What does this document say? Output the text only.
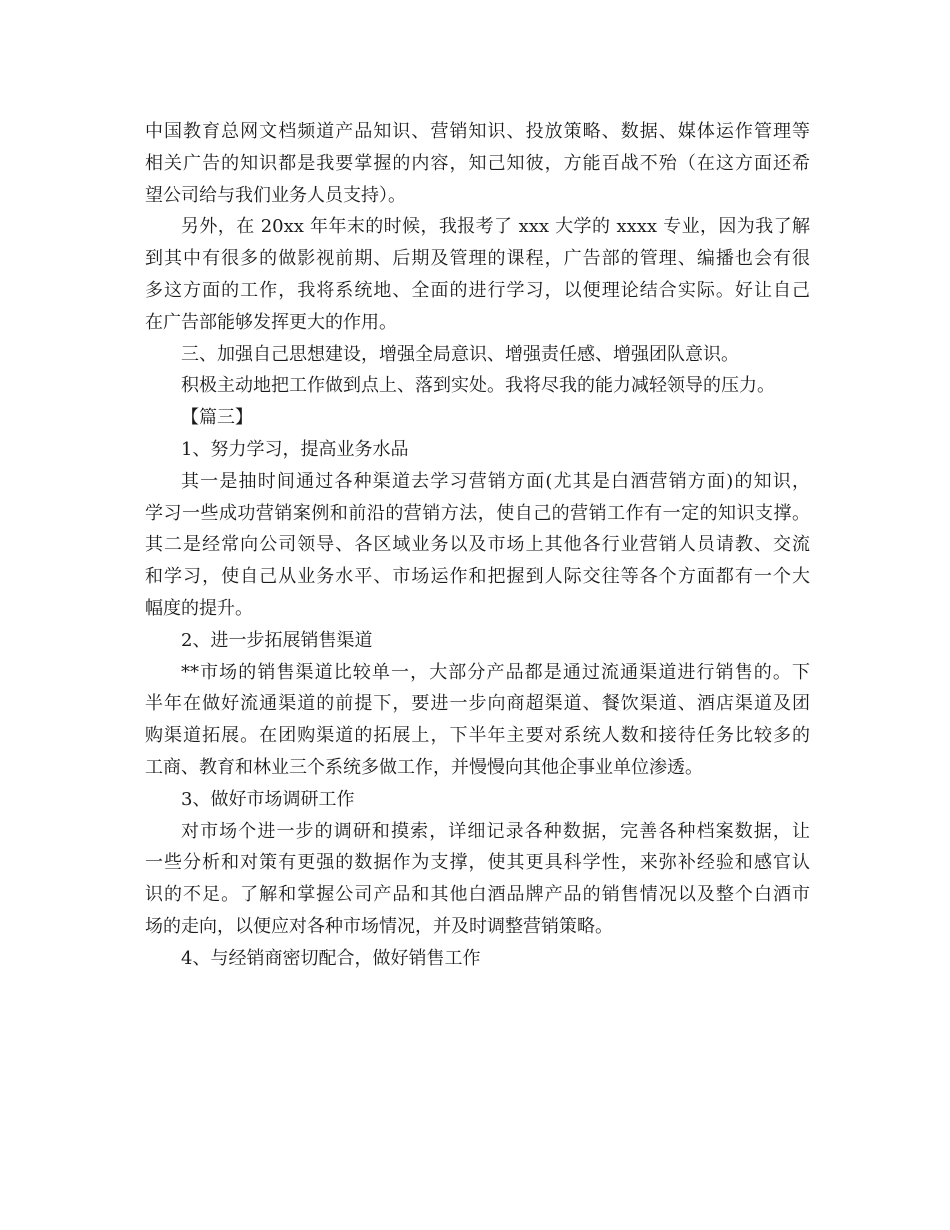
中国教育总网文档频道产品知识、营销知识、投放策略、数据、媒体运作管理等
相关广告的知识都是我要掌握的内容，知己知彼，方能百战不殆（在这方面还希
望公司给与我们业务人员支持）。
另外，在 20xx 年年末的时候，我报考了 xxx 大学的 xxxx 专业，因为我了解
到其中有很多的做影视前期、后期及管理的课程，广告部的管理、编播也会有很
多这方面的工作，我将系统地、全面的进行学习，以便理论结合实际。好让自己
在广告部能够发挥更大的作用。
三、加强自己思想建设，增强全局意识、增强责任感、增强团队意识。
积极主动地把工作做到点上、落到实处。我将尽我的能力减轻领导的压力。
【篇三】
1、努力学习，提高业务水品
其一是抽时间通过各种渠道去学习营销方面(尤其是白酒营销方面)的知识，
学习一些成功营销案例和前沿的营销方法，使自己的营销工作有一定的知识支撑。
其二是经常向公司领导、各区域业务以及市场上其他各行业营销人员请教、交流
和学习，使自己从业务水平、市场运作和把握到人际交往等各个方面都有一个大
幅度的提升。
2、进一步拓展销售渠道
**市场的销售渠道比较单一，大部分产品都是通过流通渠道进行销售的。下
半年在做好流通渠道的前提下，要进一步向商超渠道、餐饮渠道、酒店渠道及团
购渠道拓展。在团购渠道的拓展上，下半年主要对系统人数和接待任务比较多的
工商、教育和林业三个系统多做工作，并慢慢向其他企事业单位渗透。
3、做好市场调研工作
对市场个进一步的调研和摸索，详细记录各种数据，完善各种档案数据，让
一些分析和对策有更强的数据作为支撑，使其更具科学性，来弥补经验和感官认
识的不足。了解和掌握公司产品和其他白酒品牌产品的销售情况以及整个白酒市
场的走向，以便应对各种市场情况，并及时调整营销策略。
4、与经销商密切配合，做好销售工作
